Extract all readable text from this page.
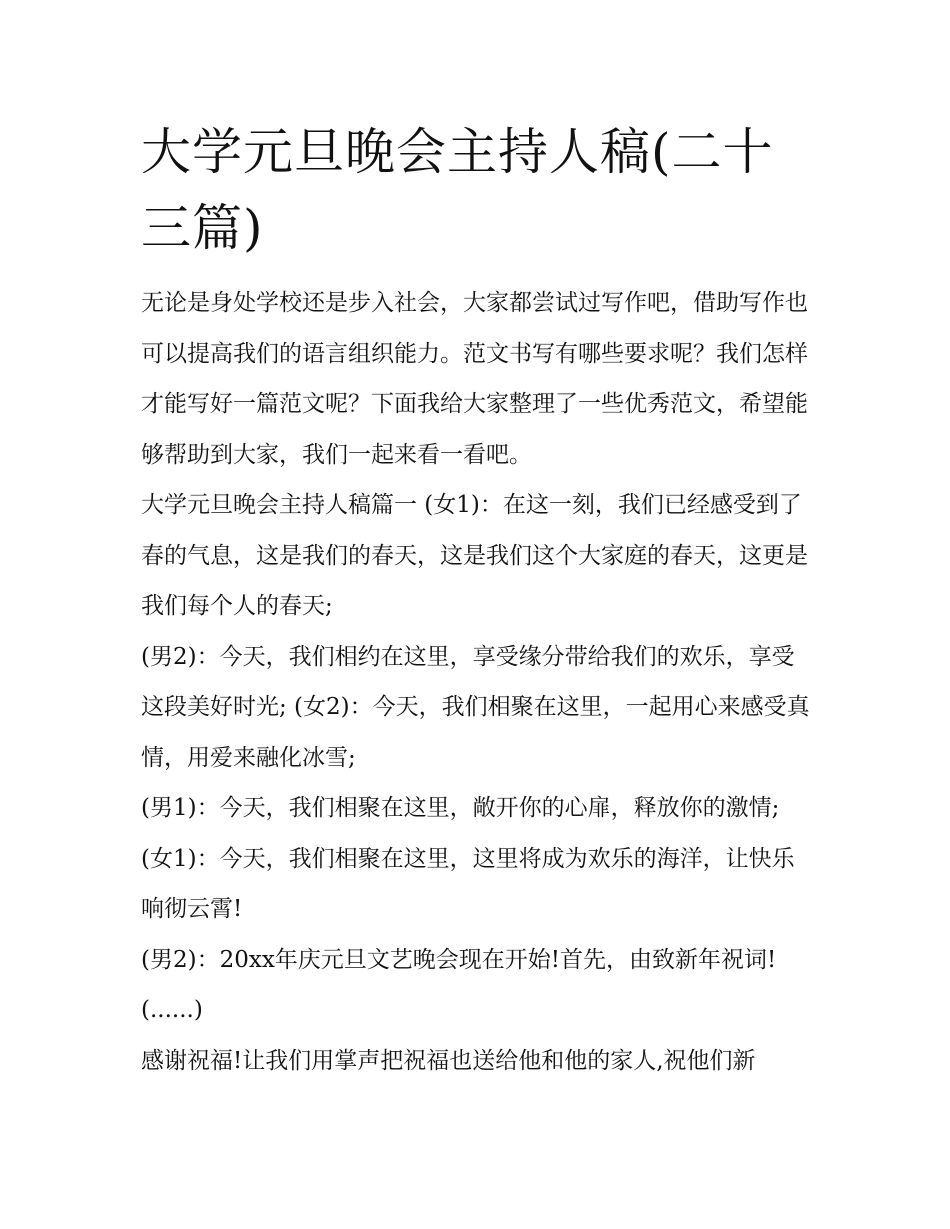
大学元旦晚会主持人稿(二十三篇)

无论是身处学校还是步入社会，大家都尝试过写作吧，借助写作也可以提高我们的语言组织能力。范文书写有哪些要求呢？我们怎样才能写好一篇范文呢？下面我给大家整理了一些优秀范文，希望能够帮助到大家，我们一起来看一看吧。

大学元旦晚会主持人稿篇一 (女1)：在这一刻，我们已经感受到了春的气息，这是我们的春天，这是我们这个大家庭的春天，这更是我们每个人的春天;

(男2)：今天，我们相约在这里，享受缘分带给我们的欢乐，享受这段美好时光; (女2)：今天，我们相聚在这里，一起用心来感受真情，用爱来融化冰雪;

(男1)：今天，我们相聚在这里，敞开你的心扉，释放你的激情; (女1)：今天，我们相聚在这里，这里将成为欢乐的海洋，让快乐响彻云霄!

(男2)：20xx年庆元旦文艺晚会现在开始!首先，由致新年祝词!(......)

感谢祝福!让我们用掌声把祝福也送给他和他的家人,祝他们新
